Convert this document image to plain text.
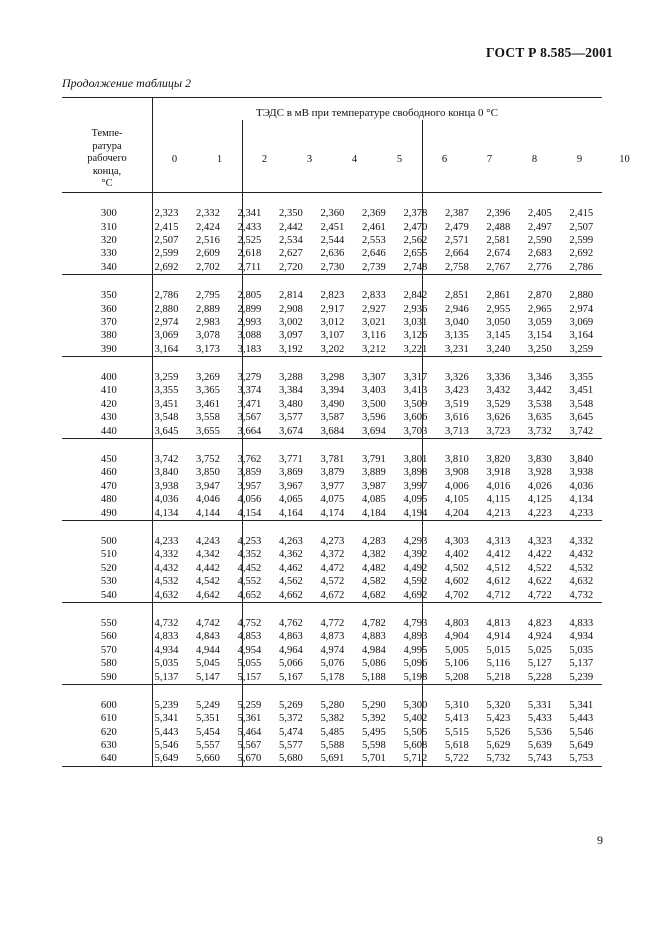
ГОСТ Р 8.585—2001
Продолжение таблицы 2
ТЭДС в мВ при температуре свободного конца 0 °С
Темпе-
ратура
рабочего
конца,
°С
0	1	2	3	4	5	6	7	8	9	10
300	2,323	2,332	2,341	2,350	2,360	2,369	2,378	2,387	2,396	2,405	2,415
310	2,415	2,424	2,433	2,442	2,451	2,461	2,470	2,479	2,488	2,497	2,507
320	2,507	2,516	2,525	2,534	2,544	2,553	2,562	2,571	2,581	2,590	2,599
330	2,599	2,609	2,618	2,627	2,636	2,646	2,655	2,664	2,674	2,683	2,692
340	2,692	2,702	2,711	2,720	2,730	2,739	2,748	2,758	2,767	2,776	2,786
350	2,786	2,795	2,805	2,814	2,823	2,833	2,842	2,851	2,861	2,870	2,880
360	2,880	2,889	2,899	2,908	2,917	2,927	2,936	2,946	2,955	2,965	2,974
370	2,974	2,983	2,993	3,002	3,012	3,021	3,031	3,040	3,050	3,059	3,069
380	3,069	3,078	3,088	3,097	3,107	3,116	3,126	3,135	3,145	3,154	3,164
390	3,164	3,173	3,183	3,192	3,202	3,212	3,221	3,231	3,240	3,250	3,259
400	3,259	3,269	3,279	3,288	3,298	3,307	3,317	3,326	3,336	3,346	3,355
410	3,355	3,365	3,374	3,384	3,394	3,403	3,413	3,423	3,432	3,442	3,451
420	3,451	3,461	3,471	3,480	3,490	3,500	3,509	3,519	3,529	3,538	3,548
430	3,548	3,558	3,567	3,577	3,587	3,596	3,606	3,616	3,626	3,635	3,645
440	3,645	3,655	3,664	3,674	3,684	3,694	3,703	3,713	3,723	3,732	3,742
450	3,742	3,752	3,762	3,771	3,781	3,791	3,801	3,810	3,820	3,830	3,840
460	3,840	3,850	3,859	3,869	3,879	3,889	3,898	3,908	3,918	3,928	3,938
470	3,938	3,947	3,957	3,967	3,977	3,987	3,997	4,006	4,016	4,026	4,036
480	4,036	4,046	4,056	4,065	4,075	4,085	4,095	4,105	4,115	4,125	4,134
490	4,134	4,144	4,154	4,164	4,174	4,184	4,194	4,204	4,213	4,223	4,233
500	4,233	4,243	4,253	4,263	4,273	4,283	4,293	4,303	4,313	4,323	4,332
510	4,332	4,342	4,352	4,362	4,372	4,382	4,392	4,402	4,412	4,422	4,432
520	4,432	4,442	4,452	4,462	4,472	4,482	4,492	4,502	4,512	4,522	4,532
530	4,532	4,542	4,552	4,562	4,572	4,582	4,592	4,602	4,612	4,622	4,632
540	4,632	4,642	4,652	4,662	4,672	4,682	4,692	4,702	4,712	4,722	4,732
550	4,732	4,742	4,752	4,762	4,772	4,782	4,793	4,803	4,813	4,823	4,833
560	4,833	4,843	4,853	4,863	4,873	4,883	4,893	4,904	4,914	4,924	4,934
570	4,934	4,944	4,954	4,964	4,974	4,984	4,995	5,005	5,015	5,025	5,035
580	5,035	5,045	5,055	5,066	5,076	5,086	5,096	5,106	5,116	5,127	5,137
590	5,137	5,147	5,157	5,167	5,178	5,188	5,198	5,208	5,218	5,228	5,239
600	5,239	5,249	5,259	5,269	5,280	5,290	5,300	5,310	5,320	5,331	5,341
610	5,341	5,351	5,361	5,372	5,382	5,392	5,402	5,413	5,423	5,433	5,443
620	5,443	5,454	5,464	5,474	5,485	5,495	5,505	5,515	5,526	5,536	5,546
630	5,546	5,557	5,567	5,577	5,588	5,598	5,608	5,618	5,629	5,639	5,649
640	5,649	5,660	5,670	5,680	5,691	5,701	5,712	5,722	5,732	5,743	5,753
9
